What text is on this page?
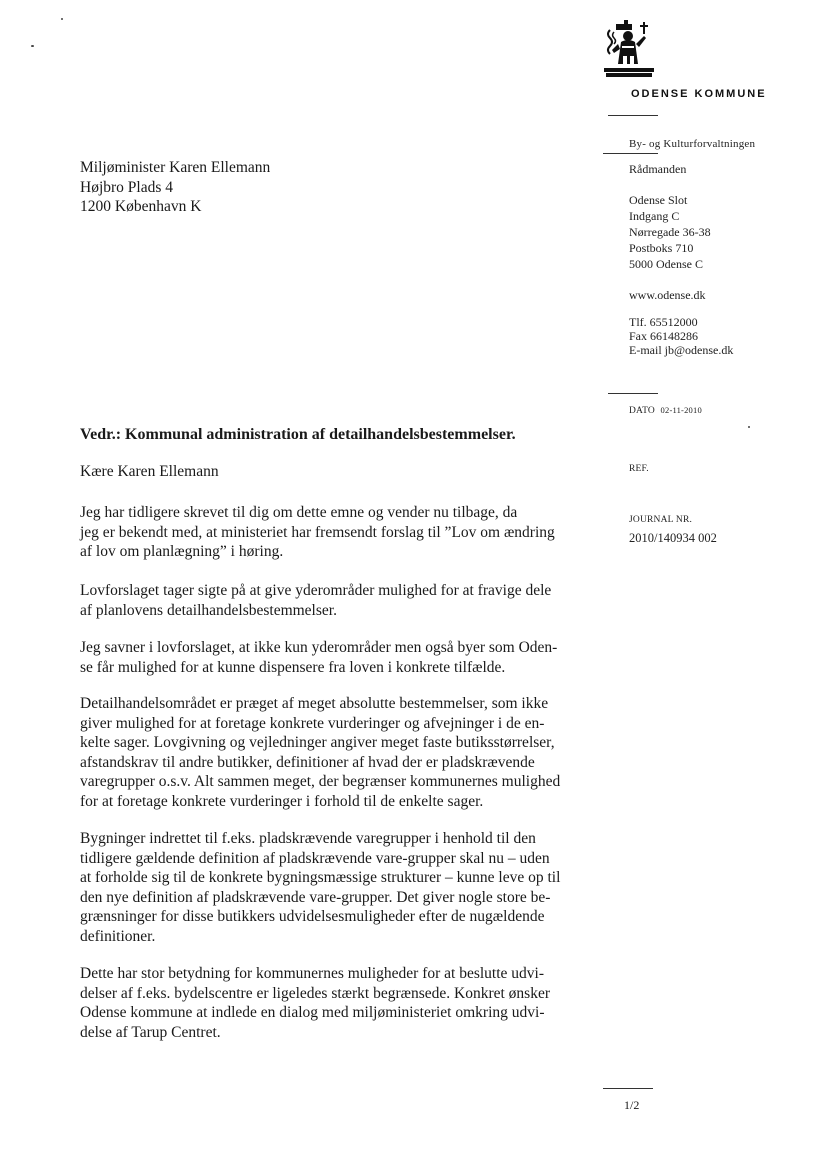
ODENSE KOMMUNE
By- og Kulturforvaltningen
Rådmanden
Odense Slot
Indgang C
Nørregade 36-38
Postboks 710
5000 Odense C
www.odense.dk
Tlf. 65512000
Fax 66148286
E-mail jb@odense.dk
DATO 02-11-2010
REF.
JOURNAL NR.
2010/140934 002
Miljøminister Karen Ellemann
Højbro Plads 4
1200 København K
Vedr.: Kommunal administration af detailhandelsbestemmelser.
Kære Karen Ellemann
Jeg har tidligere skrevet til dig om dette emne og vender nu tilbage, da
jeg er bekendt med, at ministeriet har fremsendt forslag til ”Lov om ændring
af lov om planlægning” i høring.
Lovforslaget tager sigte på at give yderområder mulighed for at fravige dele
af planlovens detailhandelsbestemmelser.
Jeg savner i lovforslaget, at ikke kun yderområder men også byer som Oden-
se får mulighed for at kunne dispensere fra loven i konkrete tilfælde.
Detailhandelsområdet er præget af meget absolutte bestemmelser, som ikke
giver mulighed for at foretage konkrete vurderinger og afvejninger i de en-
kelte sager. Lovgivning og vejledninger angiver meget faste butiksstørrelser,
afstandskrav til andre butikker, definitioner af hvad der er pladskrævende
varegrupper o.s.v. Alt sammen meget, der begrænser kommunernes mulighed
for at foretage konkrete vurderinger i forhold til de enkelte sager.
Bygninger indrettet til f.eks. pladskrævende varegrupper i henhold til den
tidligere gældende definition af pladskrævende vare-grupper skal nu – uden
at forholde sig til de konkrete bygningsmæssige strukturer – kunne leve op til
den nye definition af pladskrævende vare-grupper. Det giver nogle store be-
grænsninger for disse butikkers udvidelsesmuligheder efter de nugældende
definitioner.
Dette har stor betydning for kommunernes muligheder for at beslutte udvi-
delser af f.eks. bydelscentre er ligeledes stærkt begrænsede. Konkret ønsker
Odense kommune at indlede en dialog med miljøministeriet omkring udvi-
delse af Tarup Centret.
1/2
